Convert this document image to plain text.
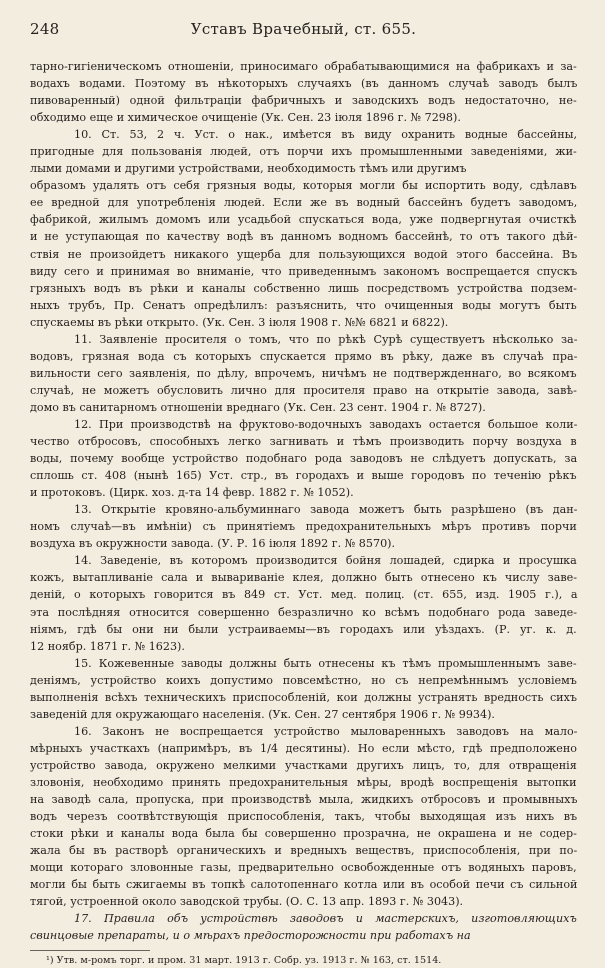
248	Уставъ Врачебный, ст. 655.
тарно-гигіеническомъ отношеніи, приносимаго обрабатывающимися на фабрикахъ и за-
водахъ водами. Поэтому въ нѣкоторыхъ случаяхъ (въ данномъ случаѣ заводъ былъ
пивоваренный) одной фильтраціи фабричныхъ и заводскихъ водъ недостаточно, не-
обходимо еще и химическое очищеніе (Ук. Сен. 23 іюля 1896 г. № 7298).
10. Ст. 53, 2 ч. Уст. о нак., имѣется въ виду охранить водные бассейны,
пригодные для пользованія людей, отъ порчи ихъ промышленными заведеніями, жи-
лыми домами и другими устройствами, необходимость тѣмъ или другимъ
образомъ удалять отъ себя грязныя воды, которыя могли бы испортить воду, сдѣлавъ
ее вредной для употребленія людей. Если же въ водный бассейнъ будетъ заводомъ,
фабрикой, жилымъ домомъ или усадьбой спускаться вода, уже подвергнутая очисткѣ
и не уступающая по качеству водѣ въ данномъ водномъ бассейнѣ, то отъ такого дѣй-
ствія не произойдетъ никакого ущерба для пользующихся водой этого бассейна. Въ
виду сего и принимая во вниманіе, что приведеннымъ закономъ воспрещается спускъ
грязныхъ водъ въ рѣки и каналы собственно лишь посредствомъ устройства подзем-
ныхъ трубъ, Пр. Сенатъ опредѣлилъ: разъяснить, что очищенныя воды могутъ быть
спускаемы въ рѣки открыто. (Ук. Сен. 3 іюля 1908 г. №№ 6821 и 6822).
11. Заявленіе просителя о томъ, что по рѣкѣ Сурѣ существуетъ нѣсколько за-
водовъ, грязная вода съ которыхъ спускается прямо въ рѣку, даже въ случаѣ пра-
вильности сего заявленія, по дѣлу, впрочемъ, ничѣмъ не подтвержденнаго, во всякомъ
случаѣ, не можетъ обусловить лично для просителя право на открытіе завода, завѣ-
домо въ санитарномъ отношеніи вреднаго (Ук. Сен. 23 сент. 1904 г. № 8727).
12. При производствѣ на фруктово-водочныхъ заводахъ остается большое коли-
чество отбросовъ, способныхъ легко загнивать и тѣмъ производить порчу воздуха в
воды, почему вообще устройство подобнаго рода заводовъ не слѣдуетъ допускать, за
сплошь ст. 408 (нынѣ 165) Уст. стр., въ городахъ и выше городовъ по теченію рѣкъ
и протоковъ. (Цирк. хоз. д-та 14 февр. 1882 г. № 1052).
13. Открытіе кровяно-альбуминнаго завода можетъ быть разрѣшено (въ дан-
номъ случаѣ—въ имѣніи) съ принятіемъ предохранительныхъ мѣръ противъ порчи
воздуха въ окружности завода. (У. Р. 16 іюля 1892 г. № 8570).
14. Заведеніе, въ которомъ производится бойня лошадей, сдирка и просушка
кожъ, вытапливаніе сала и вывариваніе клея, должно быть отнесено къ числу заве-
деній, о которыхъ говорится въ 849 ст. Уст. мед. полиц. (ст. 655, изд. 1905 г.), а
эта послѣдняя относится совершенно безразлично ко всѣмъ подобнаго рода заведе-
ніямъ, гдѣ бы они ни были устраиваемы—въ городахъ или уѣздахъ. (Р. уг. к. д.
12 ноябр. 1871 г. № 1623).
15. Кожевенные заводы должны быть отнесены къ тѣмъ промышленнымъ заве-
деніямъ, устройство коихъ допустимо повсемѣстно, но съ непремѣннымъ условіемъ
выполненія всѣхъ техническихъ приспособленій, кои должны устранять вредность сихъ
заведеній для окружающаго населенія. (Ук. Сен. 27 сентября 1906 г. № 9934).
16. Законъ не воспрещается устройство мыловаренныхъ заводовъ на мало-
мѣрныхъ участкахъ (напримѣръ, въ 1/4 десятины). Но если мѣсто, гдѣ предположено
устройство завода, окружено мелкими участками другихъ лицъ, то, для отвращенія
зловонія, необходимо принять предохранительныя мѣры, вродѣ воспрещенія вытопки
на заводѣ сала, пропуска, при производствѣ мыла, жидкихъ отбросовъ и промывныхъ
водъ черезъ соотвѣтствующія приспособленія, такъ, чтобы выходящая изъ нихъ въ
стоки рѣки и каналы вода была бы совершенно прозрачна, не окрашена и не содер-
жала бы въ растворѣ органическихъ и вредныхъ веществъ, приспособленія, при по-
мощи котораго зловонные газы, предварительно освобожденные отъ водяныхъ паровъ,
могли бы быть сжигаемы въ топкѣ салотопеннаго котла или въ особой печи съ сильной
тягой, устроенной около заводской трубы. (О. С. 13 апр. 1893 г. № 3043).
17. Правила объ устройствѣ заводовъ и мастерскихъ, изготовляющихъ
свинцовые препараты, и о мѣрахъ предосторожности при работахъ на
¹) Утв. м-ромъ торг. и пром. 31 март. 1913 г. Собр. уз. 1913 г. № 163, ст. 1514.
